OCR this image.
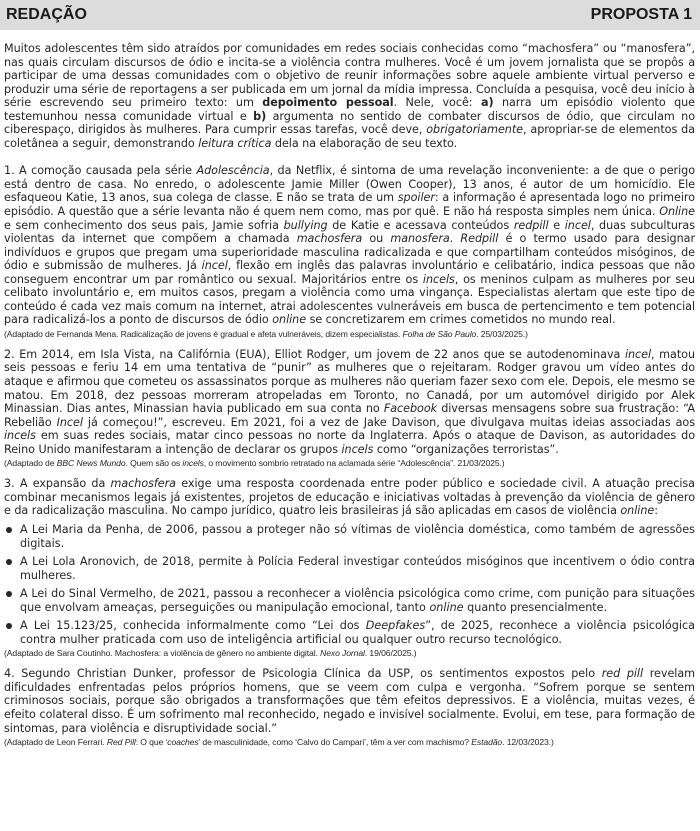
REDAÇÃO	PROPOSTA 1

Muitos adolescentes têm sido atraídos por comunidades em redes sociais conhecidas como “machosfera” ou “manosfera”, nas quais circulam discursos de ódio e incita-se a violência contra mulheres. Você é um jovem jornalista que se propôs a participar de uma dessas comunidades com o objetivo de reunir informações sobre aquele ambiente virtual perverso e produzir uma série de reportagens a ser publicada em um jornal da mídia impressa. Concluída a pesquisa, você deu início à série escrevendo seu primeiro texto: um depoimento pessoal. Nele, você: a) narra um episódio violento que testemunhou nessa comunidade virtual e b) argumenta no sentido de combater discursos de ódio, que circulam no ciberespaço, dirigidos às mulheres. Para cumprir essas tarefas, você deve, obrigatoriamente, apropriar-se de elementos da coletânea a seguir, demonstrando leitura crítica dela na elaboração de seu texto.

1. A comoção causada pela série Adolescência, da Netflix, é sintoma de uma revelação inconveniente: a de que o perigo está dentro de casa. No enredo, o adolescente Jamie Miller (Owen Cooper), 13 anos, é autor de um homicídio. Ele esfaqueou Katie, 13 anos, sua colega de classe. E não se trata de um spoiler: a informação é apresentada logo no primeiro episódio. A questão que a série levanta não é quem nem como, mas por quê. E não há resposta simples nem única. Online e sem conhecimento dos seus pais, Jamie sofria bullying de Katie e acessava conteúdos redpill e incel, duas subculturas violentas da internet que compõem a chamada machosfera ou manosfera. Redpill é o termo usado para designar indivíduos e grupos que pregam uma superioridade masculina radicalizada e que compartilham conteúdos misóginos, de ódio e submissão de mulheres. Já incel, flexão em inglês das palavras involuntário e celibatário, indica pessoas que não conseguem encontrar um par romântico ou sexual. Majoritários entre os incels, os meninos culpam as mulheres por seu celibato involuntário e, em muitos casos, pregam a violência como uma vingança. Especialistas alertam que este tipo de conteúdo é cada vez mais comum na internet, atrai adolescentes vulneráveis em busca de pertencimento e tem potencial para radicalizá-los a ponto de discursos de ódio online se concretizarem em crimes cometidos no mundo real.

(Adaptado de Fernanda Mena. Radicalização de jovens é gradual e afeta vulneráveis, dizem especialistas. Folha de São Paulo. 25/03/2025.)

2. Em 2014, em Isla Vista, na Califórnia (EUA), Elliot Rodger, um jovem de 22 anos que se autodenominava incel, matou seis pessoas e feriu 14 em uma tentativa de “punir” as mulheres que o rejeitaram. Rodger gravou um vídeo antes do ataque e afirmou que cometeu os assassinatos porque as mulheres não queriam fazer sexo com ele. Depois, ele mesmo se matou. Em 2018, dez pessoas morreram atropeladas em Toronto, no Canadá, por um automóvel dirigido por Alek Minassian. Dias antes, Minassian havia publicado em sua conta no Facebook diversas mensagens sobre sua frustração: “A Rebelião Incel já começou!”, escreveu. Em 2021, foi a vez de Jake Davison, que divulgava muitas ideias associadas aos incels em suas redes sociais, matar cinco pessoas no norte da Inglaterra. Após o ataque de Davison, as autoridades do Reino Unido manifestaram a intenção de declarar os grupos incels como “organizações terroristas”.

(Adaptado de BBC News Mundo. Quem são os incels, o movimento sombrio retratado na aclamada série “Adolescência”. 21/03/2025.)

3. A expansão da machosfera exige uma resposta coordenada entre poder público e sociedade civil. A atuação precisa combinar mecanismos legais já existentes, projetos de educação e iniciativas voltadas à prevenção da violência de gênero e da radicalização masculina. No campo jurídico, quatro leis brasileiras já são aplicadas em casos de violência online:

A Lei Maria da Penha, de 2006, passou a proteger não só vítimas de violência doméstica, como também de agressões digitais.
A Lei Lola Aronovich, de 2018, permite à Polícia Federal investigar conteúdos misóginos que incentivem o ódio contra mulheres.
A Lei do Sinal Vermelho, de 2021, passou a reconhecer a violência psicológica como crime, com punição para situações que envolvam ameaças, perseguições ou manipulação emocional, tanto online quanto presencialmente.
A Lei 15.123/25, conhecida informalmente como “Lei dos Deepfakes”, de 2025, reconhece a violência psicológica contra mulher praticada com uso de inteligência artificial ou qualquer outro recurso tecnológico.
(Adaptado de Sara Coutinho. Machosfera: a violência de gênero no ambiente digital. Nexo Jornal. 19/06/2025.)

4. Segundo Christian Dunker, professor de Psicologia Clínica da USP, os sentimentos expostos pelo red pill revelam dificuldades enfrentadas pelos próprios homens, que se veem com culpa e vergonha. “Sofrem porque se sentem criminosos sociais, porque são obrigados a transformações que têm efeitos depressivos. E a violência, muitas vezes, é efeito colateral disso. É um sofrimento mal reconhecido, negado e invisível socialmente. Evolui, em tese, para formação de sintomas, para violência e disruptividade social.”

(Adaptado de Leon Ferrari. Red Pill: O que ‘coaches’ de masculinidade, como ‘Calvo do Campari’, têm a ver com machismo? Estadão. 12/03/2023.)
